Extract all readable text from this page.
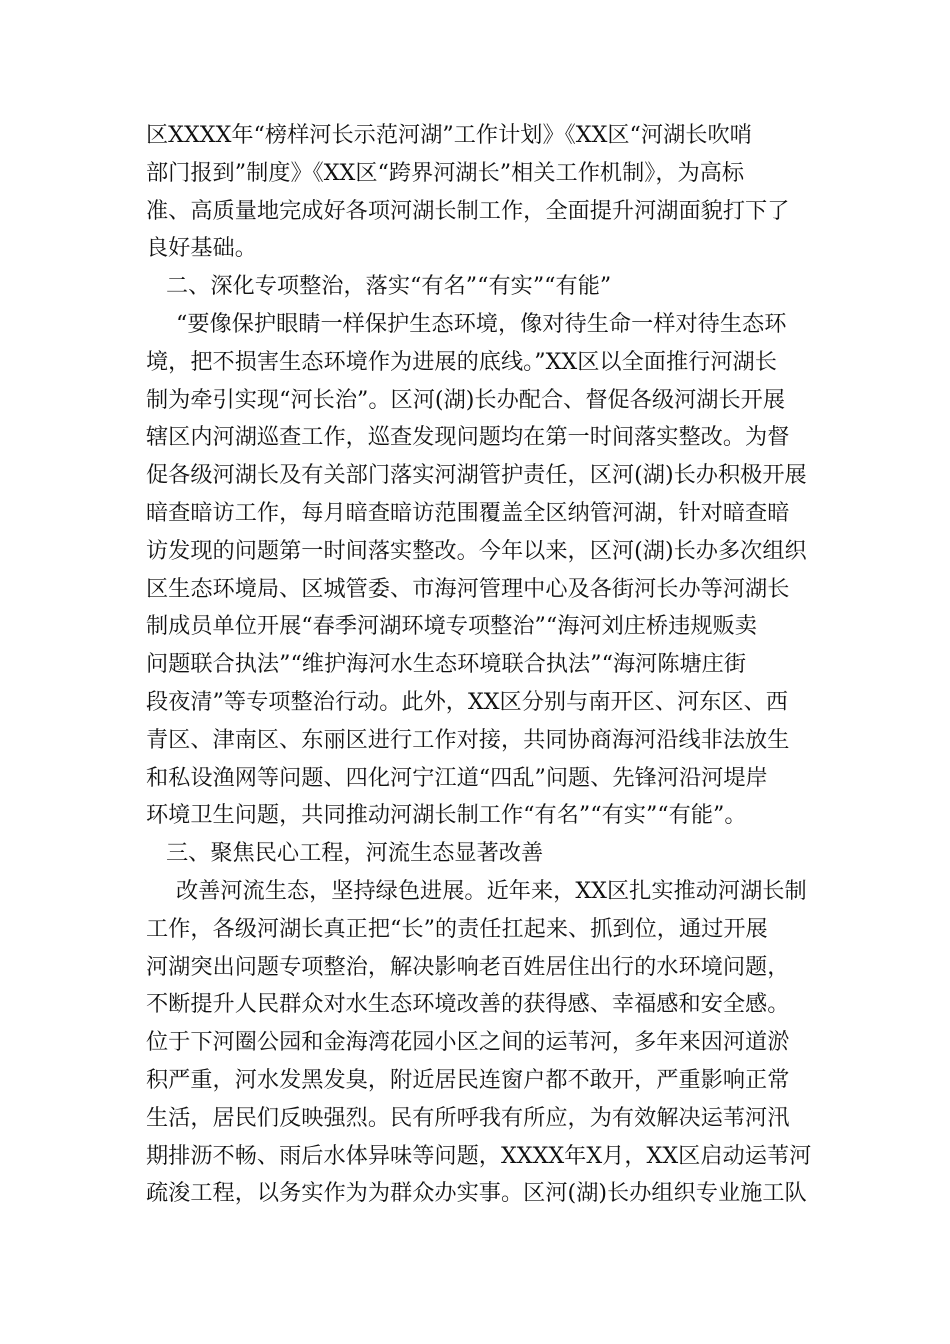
区XXXX年“榜样河长示范河湖”工作计划》《XX区“河湖长吹哨
部门报到”制度》《XX区“跨界河湖长”相关工作机制》，为高标
准、高质量地完成好各项河湖长制工作，全面提升河湖面貌打下了
良好基础。
二、深化专项整治，落实“有名”“有实”“有能”
“要像保护眼睛一样保护生态环境，像对待生命一样对待生态环
境，把不损害生态环境作为进展的底线。”XX区以全面推行河湖长
制为牵引实现“河长治”。区河(湖)长办配合、督促各级河湖长开展
辖区内河湖巡查工作，巡查发现问题均在第一时间落实整改。为督
促各级河湖长及有关部门落实河湖管护责任，区河(湖)长办积极开展
暗查暗访工作，每月暗查暗访范围覆盖全区纳管河湖，针对暗查暗
访发现的问题第一时间落实整改。今年以来，区河(湖)长办多次组织
区生态环境局、区城管委、市海河管理中心及各街河长办等河湖长
制成员单位开展“春季河湖环境专项整治”“海河刘庄桥违规贩卖
问题联合执法”“维护海河水生态环境联合执法”“海河陈塘庄街
段夜清”等专项整治行动。此外，XX区分别与南开区、河东区、西
青区、津南区、东丽区进行工作对接，共同协商海河沿线非法放生
和私设渔网等问题、四化河宁江道“四乱”问题、先锋河沿河堤岸
环境卫生问题，共同推动河湖长制工作“有名”“有实”“有能”。
三、聚焦民心工程，河流生态显著改善
改善河流生态，坚持绿色进展。近年来，XX区扎实推动河湖长制
工作，各级河湖长真正把“长”的责任扛起来、抓到位，通过开展
河湖突出问题专项整治，解决影响老百姓居住出行的水环境问题，
不断提升人民群众对水生态环境改善的获得感、幸福感和安全感。
位于下河圈公园和金海湾花园小区之间的运苇河，多年来因河道淤
积严重，河水发黑发臭，附近居民连窗户都不敢开，严重影响正常
生活，居民们反映强烈。民有所呼我有所应，为有效解决运苇河汛
期排沥不畅、雨后水体异味等问题，XXXX年X月，XX区启动运苇河
疏浚工程，以务实作为为群众办实事。区河(湖)长办组织专业施工队
